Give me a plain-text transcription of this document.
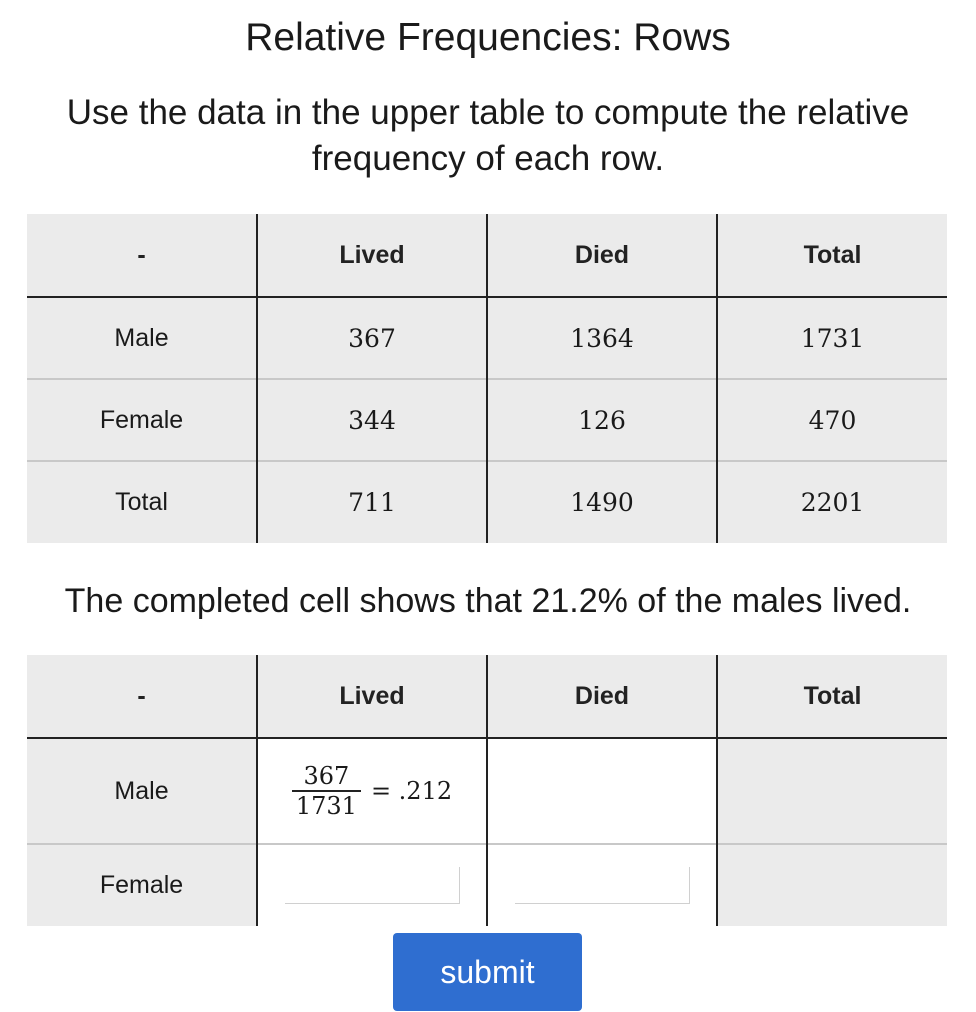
Relative Frequencies: Rows
Use the data in the upper table to compute the relative frequency of each row.
-	Lived	Died	Total
Male	367	1364	1731
Female	344	126	470
Total	711	1490	2201
The completed cell shows that 21.2% of the males lived.
-	Lived	Died	Total
Male	$\frac{367}{1731} = .212$		

Female			
submit
